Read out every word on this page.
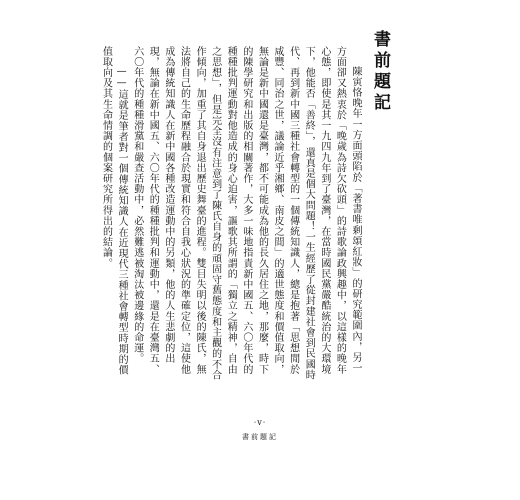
書前題記

陳寅恪晚年一方面頭陷於「著書唯剩頌紅妝」的研究範圍內，另一方面卻又熱衷於「晚歲為詩欠砍頭」的詩歌論政興趣中，以這樣的晚年心態，即使是其一九四九年到了臺灣，在當時國民黨嚴酷統治的大環境下，他能否「善終」，還真是個大問題！一生經歷了從封建社會到民國時代、再到新中國三種社會轉型的一個傳統知識人，總是抱著「思想閒於咸豐、同治之世，議論近乎湘鄉、南皮之間」的適世態度和價值取向，無論是新中國還是臺灣，都不可能成為他的長久居住之地，那麼，時下的陳學研究和出版的相關著作，大多一味地指責新中國五、六〇年代的種種批判運動對他造成的身心迫害，謳歌其所謂的「獨立之精神，自由之思想」，但是完全沒有注意到了陳氏自身的頑固守舊態度和主觀的不合作傾向，加重了其自身退出歷史舞臺的進程。雙目失明以後的陳氏，無法將自己的生命歷程融合於現實和符合自我心狀況的準確定位，這使他成為傳統知識人在新中國各種改造運動中的另類，他的人生悲劇的出現，無論在新中國五、六〇年代的種種批判和運動中，還是在臺灣五、六〇年代的種種滑黨和嚴查活動中，必然難逃被淘汰被邊緣的命運。

——這就是筆者對一個傳統知識人在近現代三種社會轉型時期的價值取向及其生命情調的個案研究所得出的結論。

‧v‧
書前題記
